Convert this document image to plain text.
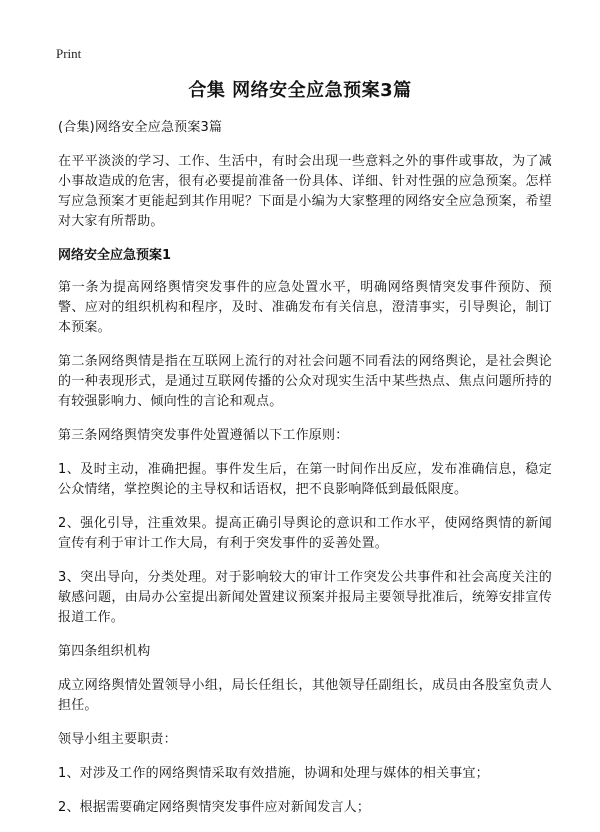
Print
合集 网络安全应急预案3篇

(合集)网络安全应急预案3篇

在平平淡淡的学习、工作、生活中，有时会出现一些意料之外的事件或事故，为了减小事故造成的危害，很有必要提前准备一份具体、详细、针对性强的应急预案。怎样写应急预案才更能起到其作用呢？下面是小编为大家整理的网络安全应急预案，希望对大家有所帮助。

网络安全应急预案1

第一条为提高网络舆情突发事件的应急处置水平，明确网络舆情突发事件预防、预警、应对的组织机构和程序，及时、准确发布有关信息，澄清事实，引导舆论，制订本预案。

第二条网络舆情是指在互联网上流行的对社会问题不同看法的网络舆论，是社会舆论的一种表现形式，是通过互联网传播的公众对现实生活中某些热点、焦点问题所持的有较强影响力、倾向性的言论和观点。

第三条网络舆情突发事件处置遵循以下工作原则：

1、及时主动，准确把握。事件发生后，在第一时间作出反应，发布准确信息，稳定公众情绪，掌控舆论的主导权和话语权，把不良影响降低到最低限度。

2、强化引导，注重效果。提高正确引导舆论的意识和工作水平，使网络舆情的新闻宣传有利于审计工作大局，有利于突发事件的妥善处置。

3、突出导向，分类处理。对于影响较大的审计工作突发公共事件和社会高度关注的敏感问题，由局办公室提出新闻处置建议预案并报局主要领导批准后，统筹安排宣传报道工作。

第四条组织机构

成立网络舆情处置领导小组，局长任组长，其他领导任副组长，成员由各股室负责人担任。

领导小组主要职责：

1、对涉及工作的网络舆情采取有效措施，协调和处理与媒体的相关事宜；

2、根据需要确定网络舆情突发事件应对新闻发言人；
